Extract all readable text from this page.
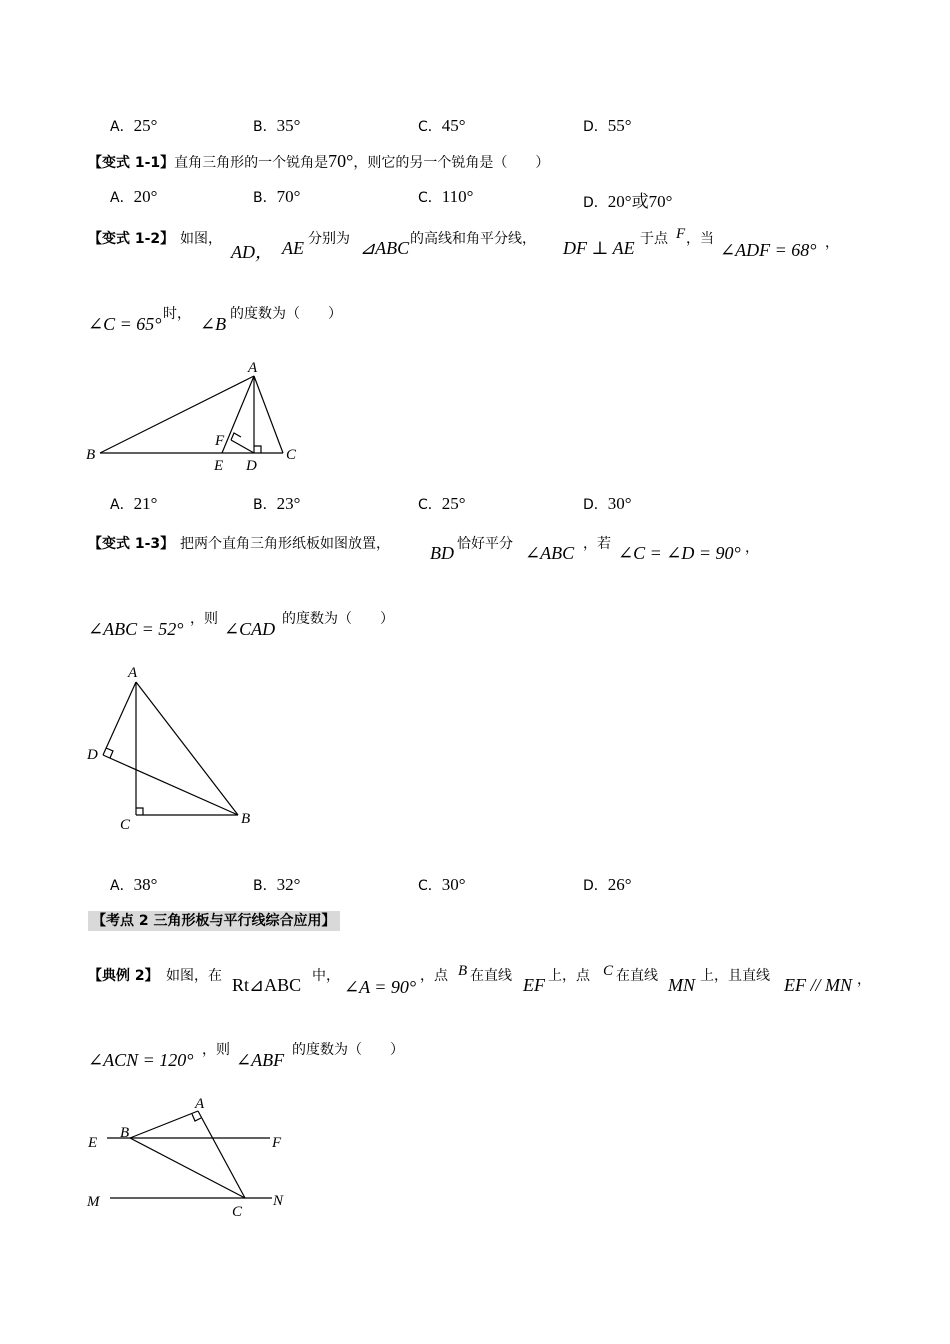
A．25°	B．35°	C．45°	D．55°
【变式 1-1】直角三角形的一个锐角是70°，则它的另一个锐角是（　　）
A．20°	B．70°	C．110°	D．20°或70°
【变式 1-2】 如图，
AD， AE 分别为 ⊿ABC 的高线和角平分线， DF ⊥ AE 于点 F ，当
∠ADF = 68° ，
∠C = 65° 时， ∠B 的度数为（　　）
A
B	C
D
E
F
A．21°	B．23°	C．25°	D．30°
【变式 1-3】 把两个直角三角形纸板如图放置， BD 恰好平分 ∠ABC ，若 ∠C = ∠D = 90° ，
∠ABC = 52° ，则 ∠CAD 的度数为（　　）
A
B
C
D
A．38°	B．32°	C．30°	D．26°
【考点 2 三角形板与平行线综合应用】
【典例 2】 如图，在 Rt⊿ABC 中，
∠A = 90°
，点 B 在直线 EF 上，点 C 在直线 MN 上，且直线 EF // MN ，
∠ACN = 120° ，则 ∠ABF 的度数为（　　）
A
B
C
E	F
M	N
